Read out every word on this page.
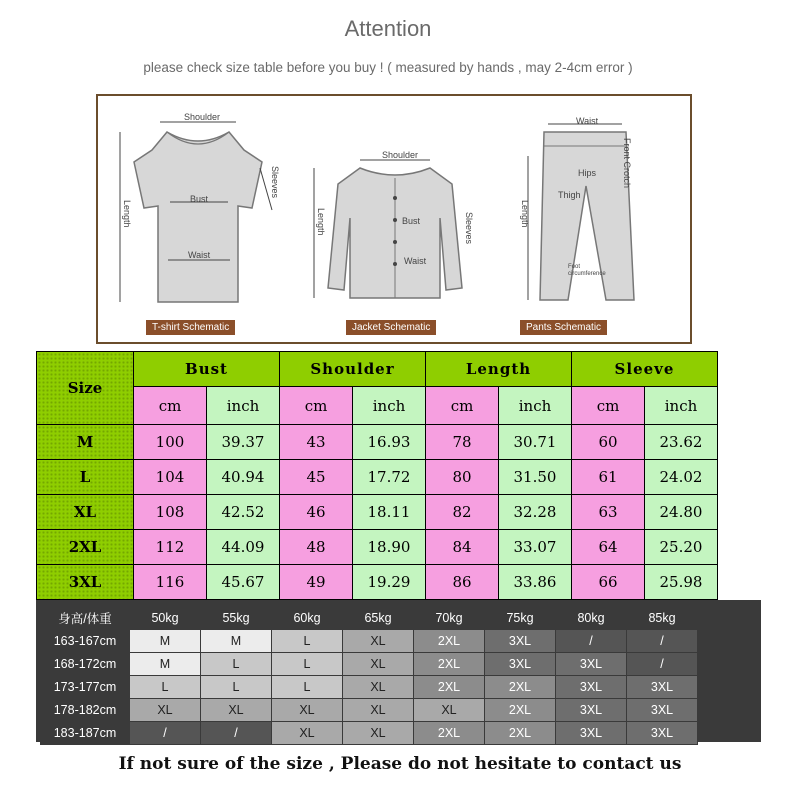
Attention
please check size table before you buy ! ( measured by hands , may 2-4cm error )
Shoulder
Bust
Waist
Length
Sleeves
T-shirt Schematic
Shoulder
Bust
Waist
Length	Sleeves
Jacket Schematic
Waist
Hips
Thigh
Length
Front Crotch
Foot circumference
Pants Schematic
Size	Bust		Shoulder		Length		Sleeve	
	cm	inch	cm	inch	cm	inch	cm	inch
M	100	39.37	43	16.93	78	30.71	60	23.62
L	104	40.94	45	17.72	80	31.50	61	24.02
XL	108	42.52	46	18.11	82	32.28	63	24.80
2XL	112	44.09	48	18.90	84	33.07	64	25.20
3XL	116	45.67	49	19.29	86	33.86	66	25.98
身高/体重	50kg	55kg	60kg	65kg	70kg	75kg	80kg	85kg
163-167cm	M	M	L	XL	2XL	3XL	/	/
168-172cm	M	L	L	XL	2XL	3XL	3XL	/
173-177cm	L	L	L	XL	2XL	2XL	3XL	3XL
178-182cm	XL	XL	XL	XL	XL	2XL	3XL	3XL
183-187cm	/	/	XL	XL	2XL	2XL	3XL	3XL
If not sure of the size , Please do not hesitate to contact us
